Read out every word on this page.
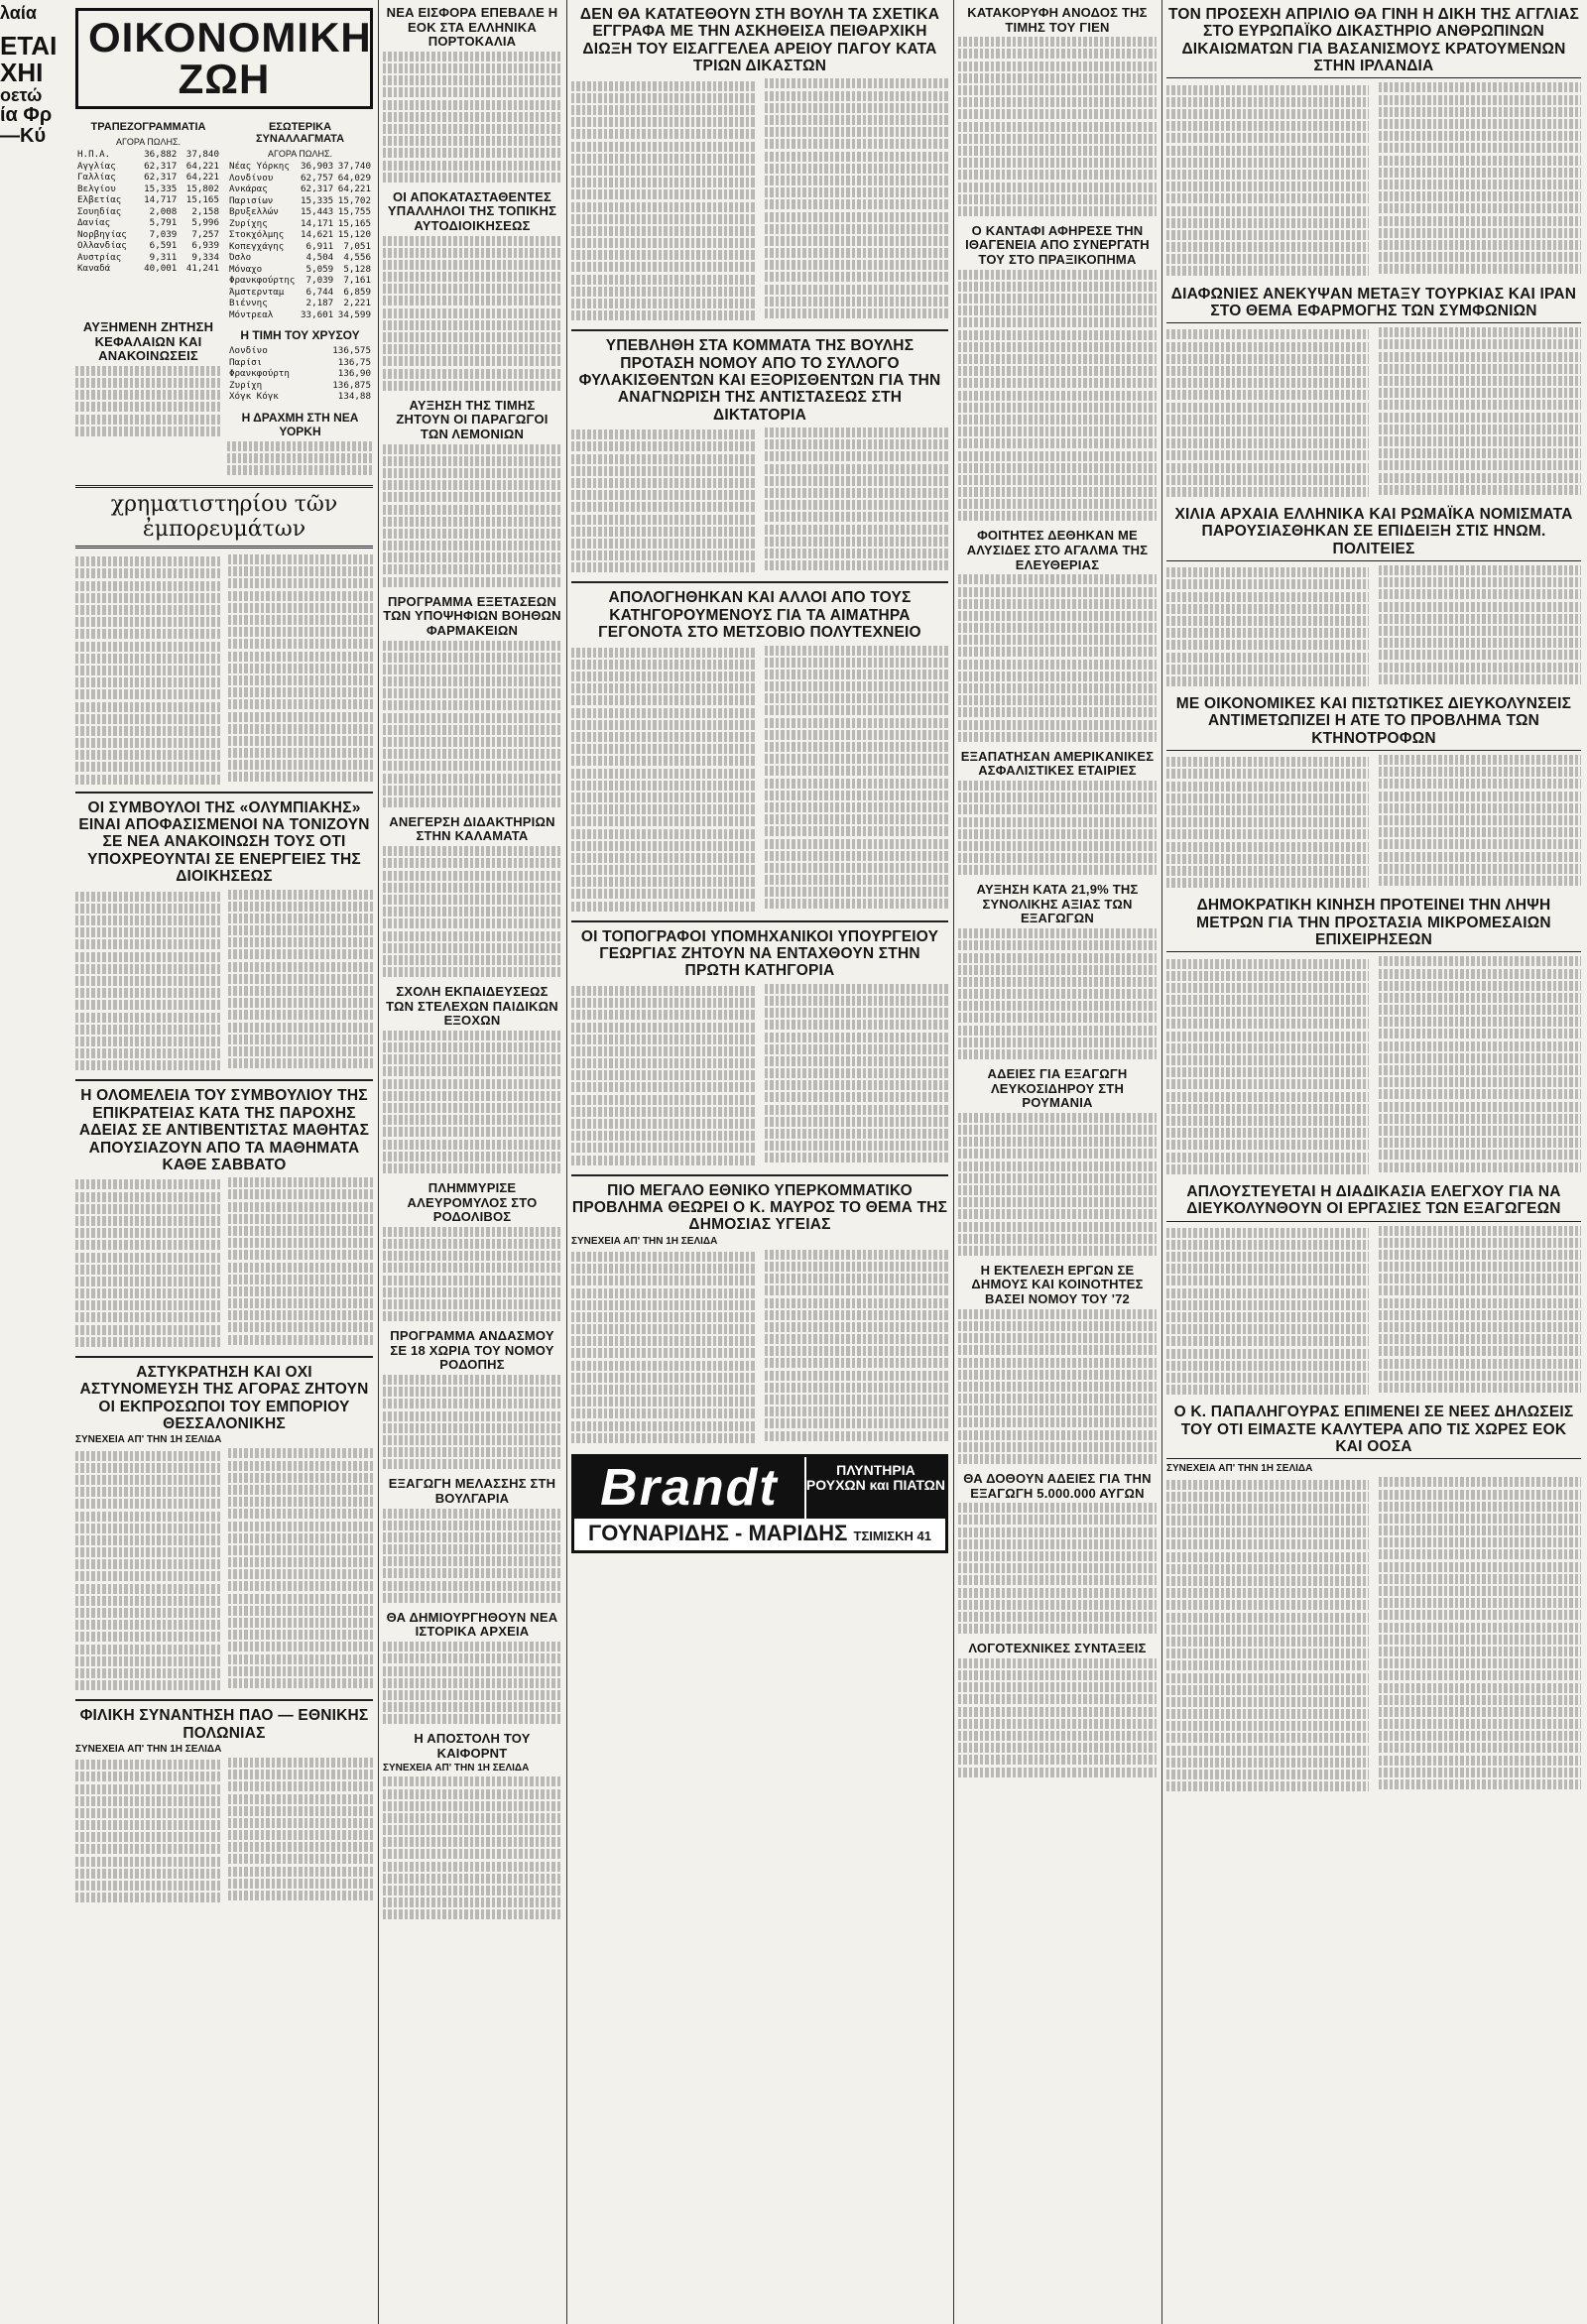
λαία
ΕΤΑΙ
ΧΗΙ
οετώ
ία Φρ
—Κύ
ΟΙΚΟΝΟΜΙΚΗ ΖΩΗ
ΤΡΑΠΕΖΟΓΡΑΜΜΑΤΙΑ
ΑΓΟΡΑ ΠΩΛΗΣ.
Η.Π.Α.	36,882	37,840
Αγγλίας	62,317	64,221
Γαλλίας	62,317	64,221
Βελγίου	15,335	15,802
Ελβετίας	14,717	15,165
Σουηδίας	2,008	2,158
Δανίας	5,791	5,996
Νορβηγίας	7,039	7,257
Ολλανδίας	6,591	6,939
Αυστρίας	9,311	9,334
Καναδά	40,001	41,241
ΕΣΩΤΕΡΙΚΑ ΣΥΝΑΛΛΑΓΜΑΤΑ
ΑΓΟΡΑ ΠΩΛΗΣ.
Νέας Υόρκης	36,903	37,740
Λονδίνου	62,757	64,029
Ανκάρας	62,317	64,221
Παρισίων	15,335	15,702
Βρυξελλών	15,443	15,755
Ζυρίχης	14,171	15,165
Στοκχόλμης	14,621	15,120
Κοπεγχάγης	6,911	7,051
Όσλο	4,504	4,556
Μόναχο	5,059	5,128
Φρανκφούρτης	7,039	7,161
Άμστερνταμ	6,744	6,859
Βιέννης	2,187	2,221
Μόντρεαλ	33,601	34,599
ΑΥΞΗΜΕΝΗ ΖΗΤΗΣΗ ΚΕΦΑΛΑΙΩΝ ΚΑΙ ΑΝΑΚΟΙΝΩΣΕΙΣ
Η ΤΙΜΗ ΤΟΥ ΧΡΥΣΟΥ
Λονδίνο	136,575
Παρίσι	136,75
Φρανκφούρτη	136,90
Ζυρίχη	136,875
Χόγκ Κόγκ	134,88
Η ΔΡΑΧΜΗ ΣΤΗ ΝΕΑ ΥΟΡΚΗ
χρηματιστηρίου τῶν ἐμπορευμάτων
ΟΙ ΣΥΜΒΟΥΛΟΙ ΤΗΣ «ΟΛΥΜΠΙΑΚΗΣ» ΕΙΝΑΙ ΑΠΟΦΑΣΙΣΜΕΝΟΙ ΝΑ ΤΟΝΙΖΟΥΝ ΣΕ ΝΕΑ ΑΝΑΚΟΙΝΩΣΗ ΤΟΥΣ ΟΤΙ ΥΠΟΧΡΕΟΥΝΤΑΙ ΣΕ ΕΝΕΡΓΕΙΕΣ ΤΗΣ ΔΙΟΙΚΗΣΕΩΣ
Η ΟΛΟΜΕΛΕΙΑ ΤΟΥ ΣΥΜΒΟΥΛΙΟΥ ΤΗΣ ΕΠΙΚΡΑΤΕΙΑΣ ΚΑΤΑ ΤΗΣ ΠΑΡΟΧΗΣ ΑΔΕΙΑΣ ΣΕ ΑΝΤΙΒΕΝΤΙΣΤΑΣ ΜΑΘΗΤΑΣ ΑΠΟΥΣΙΑΖΟΥΝ ΑΠΟ ΤΑ ΜΑΘΗΜΑΤΑ ΚΑΘΕ ΣΑΒΒΑΤΟ
ΑΣΤΥΚΡΑΤΗΣΗ ΚΑΙ ΟΧΙ ΑΣΤΥΝΟΜΕΥΣΗ ΤΗΣ ΑΓΟΡΑΣ ΖΗΤΟΥΝ ΟΙ ΕΚΠΡΟΣΩΠΟΙ ΤΟΥ ΕΜΠΟΡΙΟΥ ΘΕΣΣΑΛΟΝΙΚΗΣ
ΣΥΝΕΧΕΙΑ ΑΠ' ΤΗΝ 1Η ΣΕΛΙΔΑ
ΦΙΛΙΚΗ ΣΥΝΑΝΤΗΣΗ ΠΑΟ — ΕΘΝΙΚΗΣ ΠΟΛΩΝΙΑΣ
ΣΥΝΕΧΕΙΑ ΑΠ' ΤΗΝ 1Η ΣΕΛΙΔΑ
ΝΕΑ ΕΙΣΦΟΡΑ ΕΠΕΒΑΛΕ Η ΕΟΚ ΣΤΑ ΕΛΛΗΝΙΚΑ ΠΟΡΤΟΚΑΛΙΑ
ΟΙ ΑΠΟΚΑΤΑΣΤΑΘΕΝΤΕΣ ΥΠΑΛΛΗΛΟΙ ΤΗΣ ΤΟΠΙΚΗΣ ΑΥΤΟΔΙΟΙΚΗΣΕΩΣ
ΑΥΞΗΣΗ ΤΗΣ ΤΙΜΗΣ ΖΗΤΟΥΝ ΟΙ ΠΑΡΑΓΩΓΟΙ ΤΩΝ ΛΕΜΟΝΙΩΝ
ΠΡΟΓΡΑΜΜΑ ΕΞΕΤΑΣΕΩΝ ΤΩΝ ΥΠΟΨΗΦΙΩΝ ΒΟΗΘΩΝ ΦΑΡΜΑΚΕΙΩΝ
ΑΝΕΓΕΡΣΗ ΔΙΔΑΚΤΗΡΙΩΝ ΣΤΗΝ ΚΑΛΑΜΑΤΑ
ΣΧΟΛΗ ΕΚΠΑΙΔΕΥΣΕΩΣ ΤΩΝ ΣΤΕΛΕΧΩΝ ΠΑΙΔΙΚΩΝ ΕΞΟΧΩΝ
ΠΛΗΜΜΥΡΙΣΕ ΑΛΕΥΡΟΜΥΛΟΣ ΣΤΟ ΡΟΔΟΛΙΒΟΣ
ΠΡΟΓΡΑΜΜΑ ΑΝΔΑΣΜΟΥ ΣΕ 18 ΧΩΡΙΑ ΤΟΥ ΝΟΜΟΥ ΡΟΔΟΠΗΣ
ΕΞΑΓΩΓΗ ΜΕΛΑΣΣΗΣ ΣΤΗ ΒΟΥΛΓΑΡΙΑ
ΘΑ ΔΗΜΙΟΥΡΓΗΘΟΥΝ ΝΕΑ ΙΣΤΟΡΙΚΑ ΑΡΧΕΙΑ
Η ΑΠΟΣΤΟΛΗ ΤΟΥ ΚΑΙΦΟΡΝΤ
ΣΥΝΕΧΕΙΑ ΑΠ' ΤΗΝ 1Η ΣΕΛΙΔΑ
ΔΕΝ ΘΑ ΚΑΤΑΤΕΘΟΥΝ ΣΤΗ ΒΟΥΛΗ ΤΑ ΣΧΕΤΙΚΑ ΕΓΓΡΑΦΑ ΜΕ ΤΗΝ ΑΣΚΗΘΕΙΣΑ ΠΕΙΘΑΡΧΙΚΗ ΔΙΩΞΗ ΤΟΥ ΕΙΣΑΓΓΕΛΕΑ ΑΡΕΙΟΥ ΠΑΓΟΥ ΚΑΤΑ ΤΡΙΩΝ ΔΙΚΑΣΤΩΝ
ΥΠΕΒΛΗΘΗ ΣΤΑ ΚΟΜΜΑΤΑ ΤΗΣ ΒΟΥΛΗΣ ΠΡΟΤΑΣΗ ΝΟΜΟΥ ΑΠΟ ΤΟ ΣΥΛΛΟΓΟ ΦΥΛΑΚΙΣΘΕΝΤΩΝ ΚΑΙ ΕΞΟΡΙΣΘΕΝΤΩΝ ΓΙΑ ΤΗΝ ΑΝΑΓΝΩΡΙΣΗ ΤΗΣ ΑΝΤΙΣΤΑΣΕΩΣ ΣΤΗ ΔΙΚΤΑΤΟΡΙΑ
ΑΠΟΛΟΓΗΘΗΚΑΝ ΚΑΙ ΑΛΛΟΙ ΑΠΟ ΤΟΥΣ ΚΑΤΗΓΟΡΟΥΜΕΝΟΥΣ ΓΙΑ ΤΑ ΑΙΜΑΤΗΡΑ ΓΕΓΟΝΟΤΑ ΣΤΟ ΜΕΤΣΟΒΙΟ ΠΟΛΥΤΕΧΝΕΙΟ
ΟΙ ΤΟΠΟΓΡΑΦΟΙ ΥΠΟΜΗΧΑΝΙΚΟΙ ΥΠΟΥΡΓΕΙΟΥ ΓΕΩΡΓΙΑΣ ΖΗΤΟΥΝ ΝΑ ΕΝΤΑΧΘΟΥΝ ΣΤΗΝ ΠΡΩΤΗ ΚΑΤΗΓΟΡΙΑ
ΠΙΟ ΜΕΓΑΛΟ ΕΘΝΙΚΟ ΥΠΕΡΚΟΜΜΑΤΙΚΟ ΠΡΟΒΛΗΜΑ ΘΕΩΡΕΙ Ο Κ. ΜΑΥΡΟΣ ΤΟ ΘΕΜΑ ΤΗΣ ΔΗΜΟΣΙΑΣ ΥΓΕΙΑΣ
ΣΥΝΕΧΕΙΑ ΑΠ' ΤΗΝ 1Η ΣΕΛΙΔΑ
Brandt	ΠΛΥΝΤΗΡΙΑ ΡΟΥΧΩΝ και ΠΙΑΤΩΝ
ΓΟΥΝΑΡΙΔΗΣ - ΜΑΡΙΔΗΣ ΤΣΙΜΙΣΚΗ 41
ΚΑΤΑΚΟΡΥΦΗ ΑΝΟΔΟΣ ΤΗΣ ΤΙΜΗΣ ΤΟΥ ΓΙΕΝ
Ο ΚΑΝΤΑΦΙ ΑΦΗΡΕΣΕ ΤΗΝ ΙΘΑΓΕΝΕΙΑ ΑΠΟ ΣΥΝΕΡΓΑΤΗ ΤΟΥ ΣΤΟ ΠΡΑΞΙΚΟΠΗΜΑ
ΦΟΙΤΗΤΕΣ ΔΕΘΗΚΑΝ ΜΕ ΑΛΥΣΙΔΕΣ ΣΤΟ ΑΓΑΛΜΑ ΤΗΣ ΕΛΕΥΘΕΡΙΑΣ
ΕΞΑΠΑΤΗΣΑΝ ΑΜΕΡΙΚΑΝΙΚΕΣ ΑΣΦΑΛΙΣΤΙΚΕΣ ΕΤΑΙΡΙΕΣ
ΑΥΞΗΣΗ ΚΑΤΑ 21,9% ΤΗΣ ΣΥΝΟΛΙΚΗΣ ΑΞΙΑΣ ΤΩΝ ΕΞΑΓΩΓΩΝ
ΑΔΕΙΕΣ ΓΙΑ ΕΞΑΓΩΓΗ ΛΕΥΚΟΣΙΔΗΡΟΥ ΣΤΗ ΡΟΥΜΑΝΙΑ
Η ΕΚΤΕΛΕΣΗ ΕΡΓΩΝ ΣΕ ΔΗΜΟΥΣ ΚΑΙ ΚΟΙΝΟΤΗΤΕΣ ΒΑΣΕΙ ΝΟΜΟΥ ΤΟΥ '72
ΘΑ ΔΟΘΟΥΝ ΑΔΕΙΕΣ ΓΙΑ ΤΗΝ ΕΞΑΓΩΓΗ 5.000.000 ΑΥΓΩΝ
ΛΟΓΟΤΕΧΝΙΚΕΣ ΣΥΝΤΑΞΕΙΣ
ΤΟΝ ΠΡΟΣΕΧΗ ΑΠΡΙΛΙΟ ΘΑ ΓΙΝΗ Η ΔΙΚΗ ΤΗΣ ΑΓΓΛΙΑΣ ΣΤΟ ΕΥΡΩΠΑΪΚΟ ΔΙΚΑΣΤΗΡΙΟ ΑΝΘΡΩΠΙΝΩΝ ΔΙΚΑΙΩΜΑΤΩΝ ΓΙΑ ΒΑΣΑΝΙΣΜΟΥΣ ΚΡΑΤΟΥΜΕΝΩΝ ΣΤΗΝ ΙΡΛΑΝΔΙΑ
ΔΙΑΦΩΝΙΕΣ ΑΝΕΚΥΨΑΝ ΜΕΤΑΞΥ ΤΟΥΡΚΙΑΣ ΚΑΙ ΙΡΑΝ ΣΤΟ ΘΕΜΑ ΕΦΑΡΜΟΓΗΣ ΤΩΝ ΣΥΜΦΩΝΙΩΝ
ΧΙΛΙΑ ΑΡΧΑΙΑ ΕΛΛΗΝΙΚΑ ΚΑΙ ΡΩΜΑΪΚΑ ΝΟΜΙΣΜΑΤΑ ΠΑΡΟΥΣΙΑΣΘΗΚΑΝ ΣΕ ΕΠΙΔΕΙΞΗ ΣΤΙΣ ΗΝΩΜ. ΠΟΛΙΤΕΙΕΣ
ΜΕ ΟΙΚΟΝΟΜΙΚΕΣ ΚΑΙ ΠΙΣΤΩΤΙΚΕΣ ΔΙΕΥΚΟΛΥΝΣΕΙΣ ΑΝΤΙΜΕΤΩΠΙΖΕΙ Η ΑΤΕ ΤΟ ΠΡΟΒΛΗΜΑ ΤΩΝ ΚΤΗΝΟΤΡΟΦΩΝ
ΔΗΜΟΚΡΑΤΙΚΗ ΚΙΝΗΣΗ ΠΡΟΤΕΙΝΕΙ ΤΗΝ ΛΗΨΗ ΜΕΤΡΩΝ ΓΙΑ ΤΗΝ ΠΡΟΣΤΑΣΙΑ ΜΙΚΡΟΜΕΣΑΙΩΝ ΕΠΙΧΕΙΡΗΣΕΩΝ
ΑΠΛΟΥΣΤΕΥΕΤΑΙ Η ΔΙΑΔΙΚΑΣΙΑ ΕΛΕΓΧΟΥ ΓΙΑ ΝΑ ΔΙΕΥΚΟΛΥΝΘΟΥΝ ΟΙ ΕΡΓΑΣΙΕΣ ΤΩΝ ΕΞΑΓΩΓΕΩΝ
Ο Κ. ΠΑΠΑΛΗΓΟΥΡΑΣ ΕΠΙΜΕΝΕΙ ΣΕ ΝΕΕΣ ΔΗΛΩΣΕΙΣ ΤΟΥ ΟΤΙ ΕΙΜΑΣΤΕ ΚΑΛΥΤΕΡΑ ΑΠΟ ΤΙΣ ΧΩΡΕΣ ΕΟΚ ΚΑΙ ΟΟΣΑ
ΣΥΝΕΧΕΙΑ ΑΠ' ΤΗΝ 1Η ΣΕΛΙΔΑ
